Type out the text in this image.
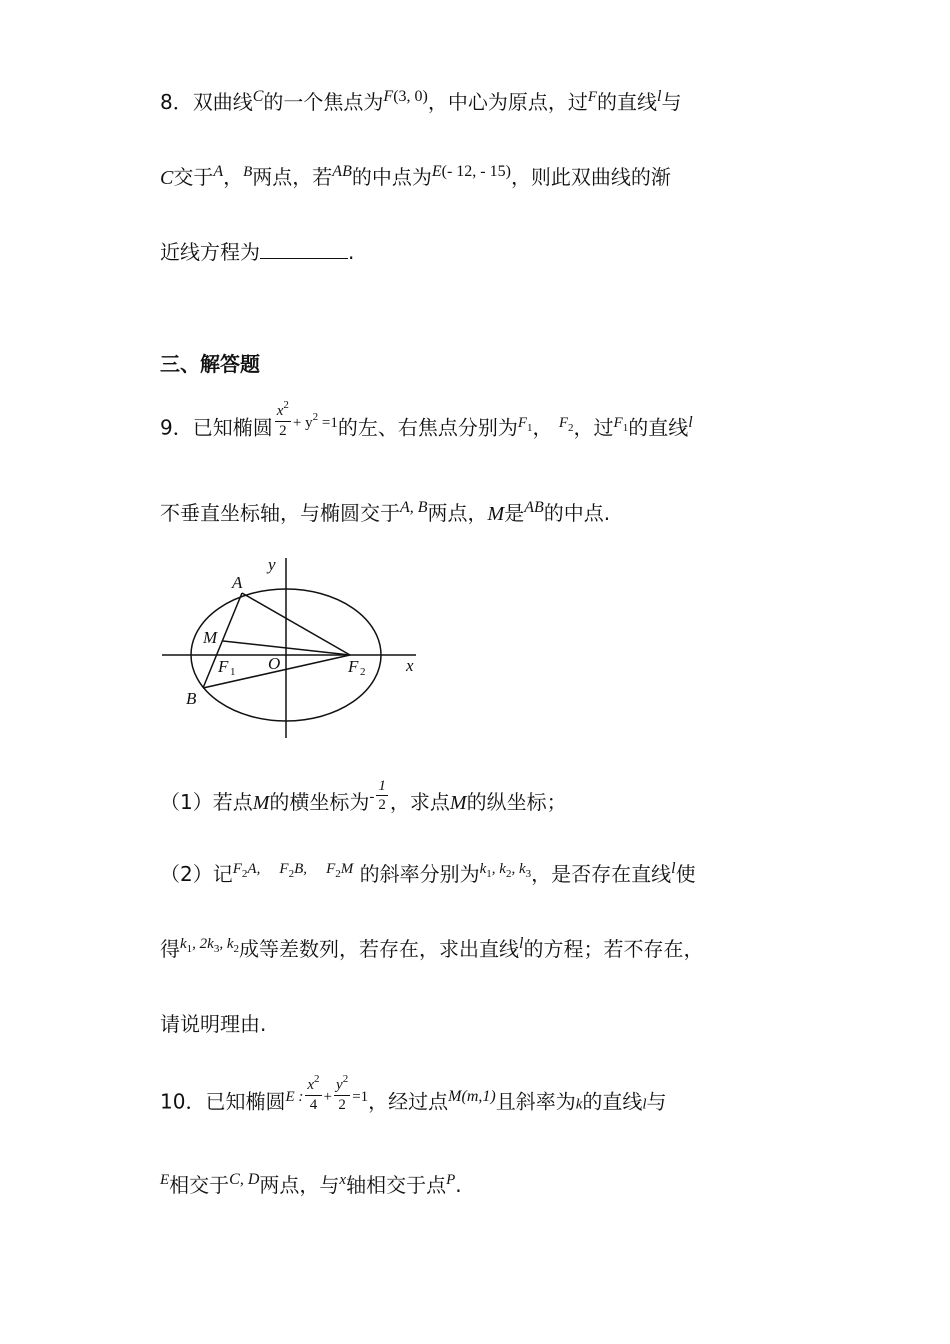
8．双曲线$^C$的一个焦点为$^{F(3, 0)}$，中心为原点，过$^F$的直线$^l$与
C交于$^A$，$^B$两点，若$^{AB}$的中点为$^{E(- 12, - 15)}$，则此双曲线的渐
近线方程为	.
三、解答题
9．已知椭圆 $\frac{x^2}{2} ^{+ y^2 =1}$的左、右焦点分别为$^{F_1}$， $^{F_2}$，过$^{F_1}$的直线$^l$
不垂直坐标轴，与椭圆交于$^{A, B}$两点，M是$^{AB}$的中点.
y
x
A
M
B
O
F 1	F 2
（1）若点M的横坐标为$^- \frac{1}{2}$ ，求点M的纵坐标；
（2）记$^{F_2A,}$ $^{F_2B,}$ $^{F_2M}$ 的斜率分别为$^{k_1, k_2, k_3}$，是否存在直线$^l$使
得$^{k_1, 2k_3, k_2}$成等差数列，若存在，求出直线$^l$的方程；若不存在，
请说明理由.
10．已知椭圆$^{E :} \frac{x^2}{4} ^+ \frac{y^2}{2} ^{=1}$，经过点$^{M(m,1)}$且斜率为k的直线l与
$^E$相交于$^{C, D}$两点，与$^x$轴相交于点$^P$.
